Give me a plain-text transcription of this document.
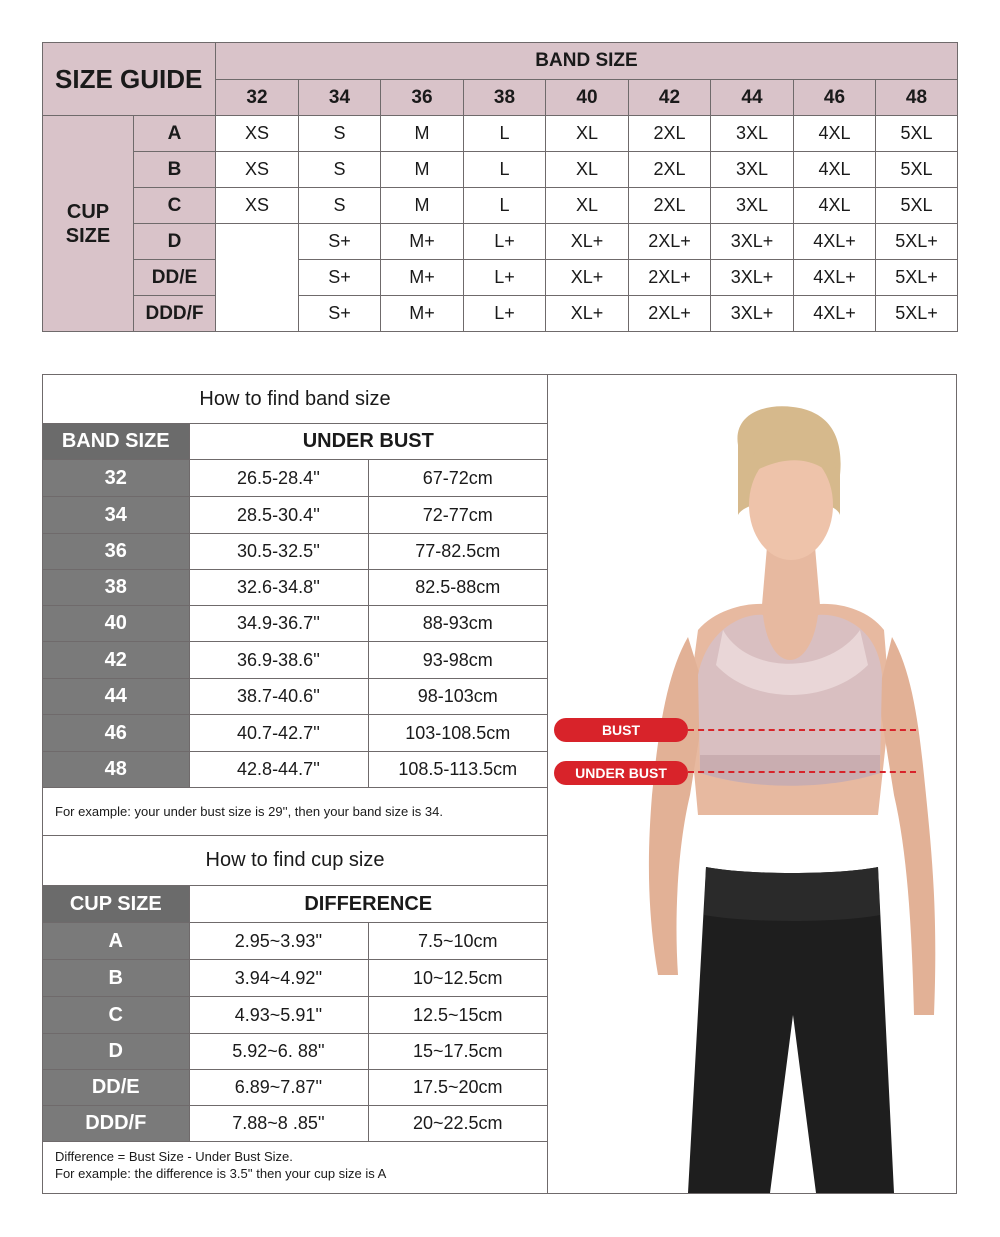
SIZE GUIDE		BAND SIZE								
		32	34	36	38	40	42	44	46	48

CUP
SIZE	A	XS	S	M	L	XL	2XL	3XL	4XL	5XL
	B	XS	S	M	L	XL	2XL	3XL	4XL	5XL
	C	XS	S	M	L	XL	2XL	3XL	4XL	5XL
	D		S+	M+	L+	XL+	2XL+	3XL+	4XL+	5XL+
	DD/E		S+	M+	L+	XL+	2XL+	3XL+	4XL+	5XL+
	DDD/F		S+	M+	L+	XL+	2XL+	3XL+	4XL+	5XL+
How to find band size		
BAND SIZE	UNDER BUST	
32	26.5-28.4''	67-72cm
34	28.5-30.4''	72-77cm
36	30.5-32.5''	77-82.5cm
38	32.6-34.8''	82.5-88cm
40	34.9-36.7''	88-93cm
42	36.9-38.6''	93-98cm
44	38.7-40.6''	98-103cm
46	40.7-42.7''	103-108.5cm
48	42.8-44.7''	108.5-113.5cm
For example: your under bust size is 29'', then your band size is 34.		
How to find cup size		
CUP SIZE	DIFFERENCE	
A	2.95~3.93''	7.5~10cm
B	3.94~4.92''	10~12.5cm
C	4.93~5.91''	12.5~15cm
D	5.92~6. 88''	15~17.5cm
DD/E	6.89~7.87''	17.5~20cm
DDD/F	7.88~8 .85''	20~22.5cm

Difference = Bust Size - Under Bust Size.
For example: the difference is 3.5'' then your cup size is A		
BUST
UNDER BUST
